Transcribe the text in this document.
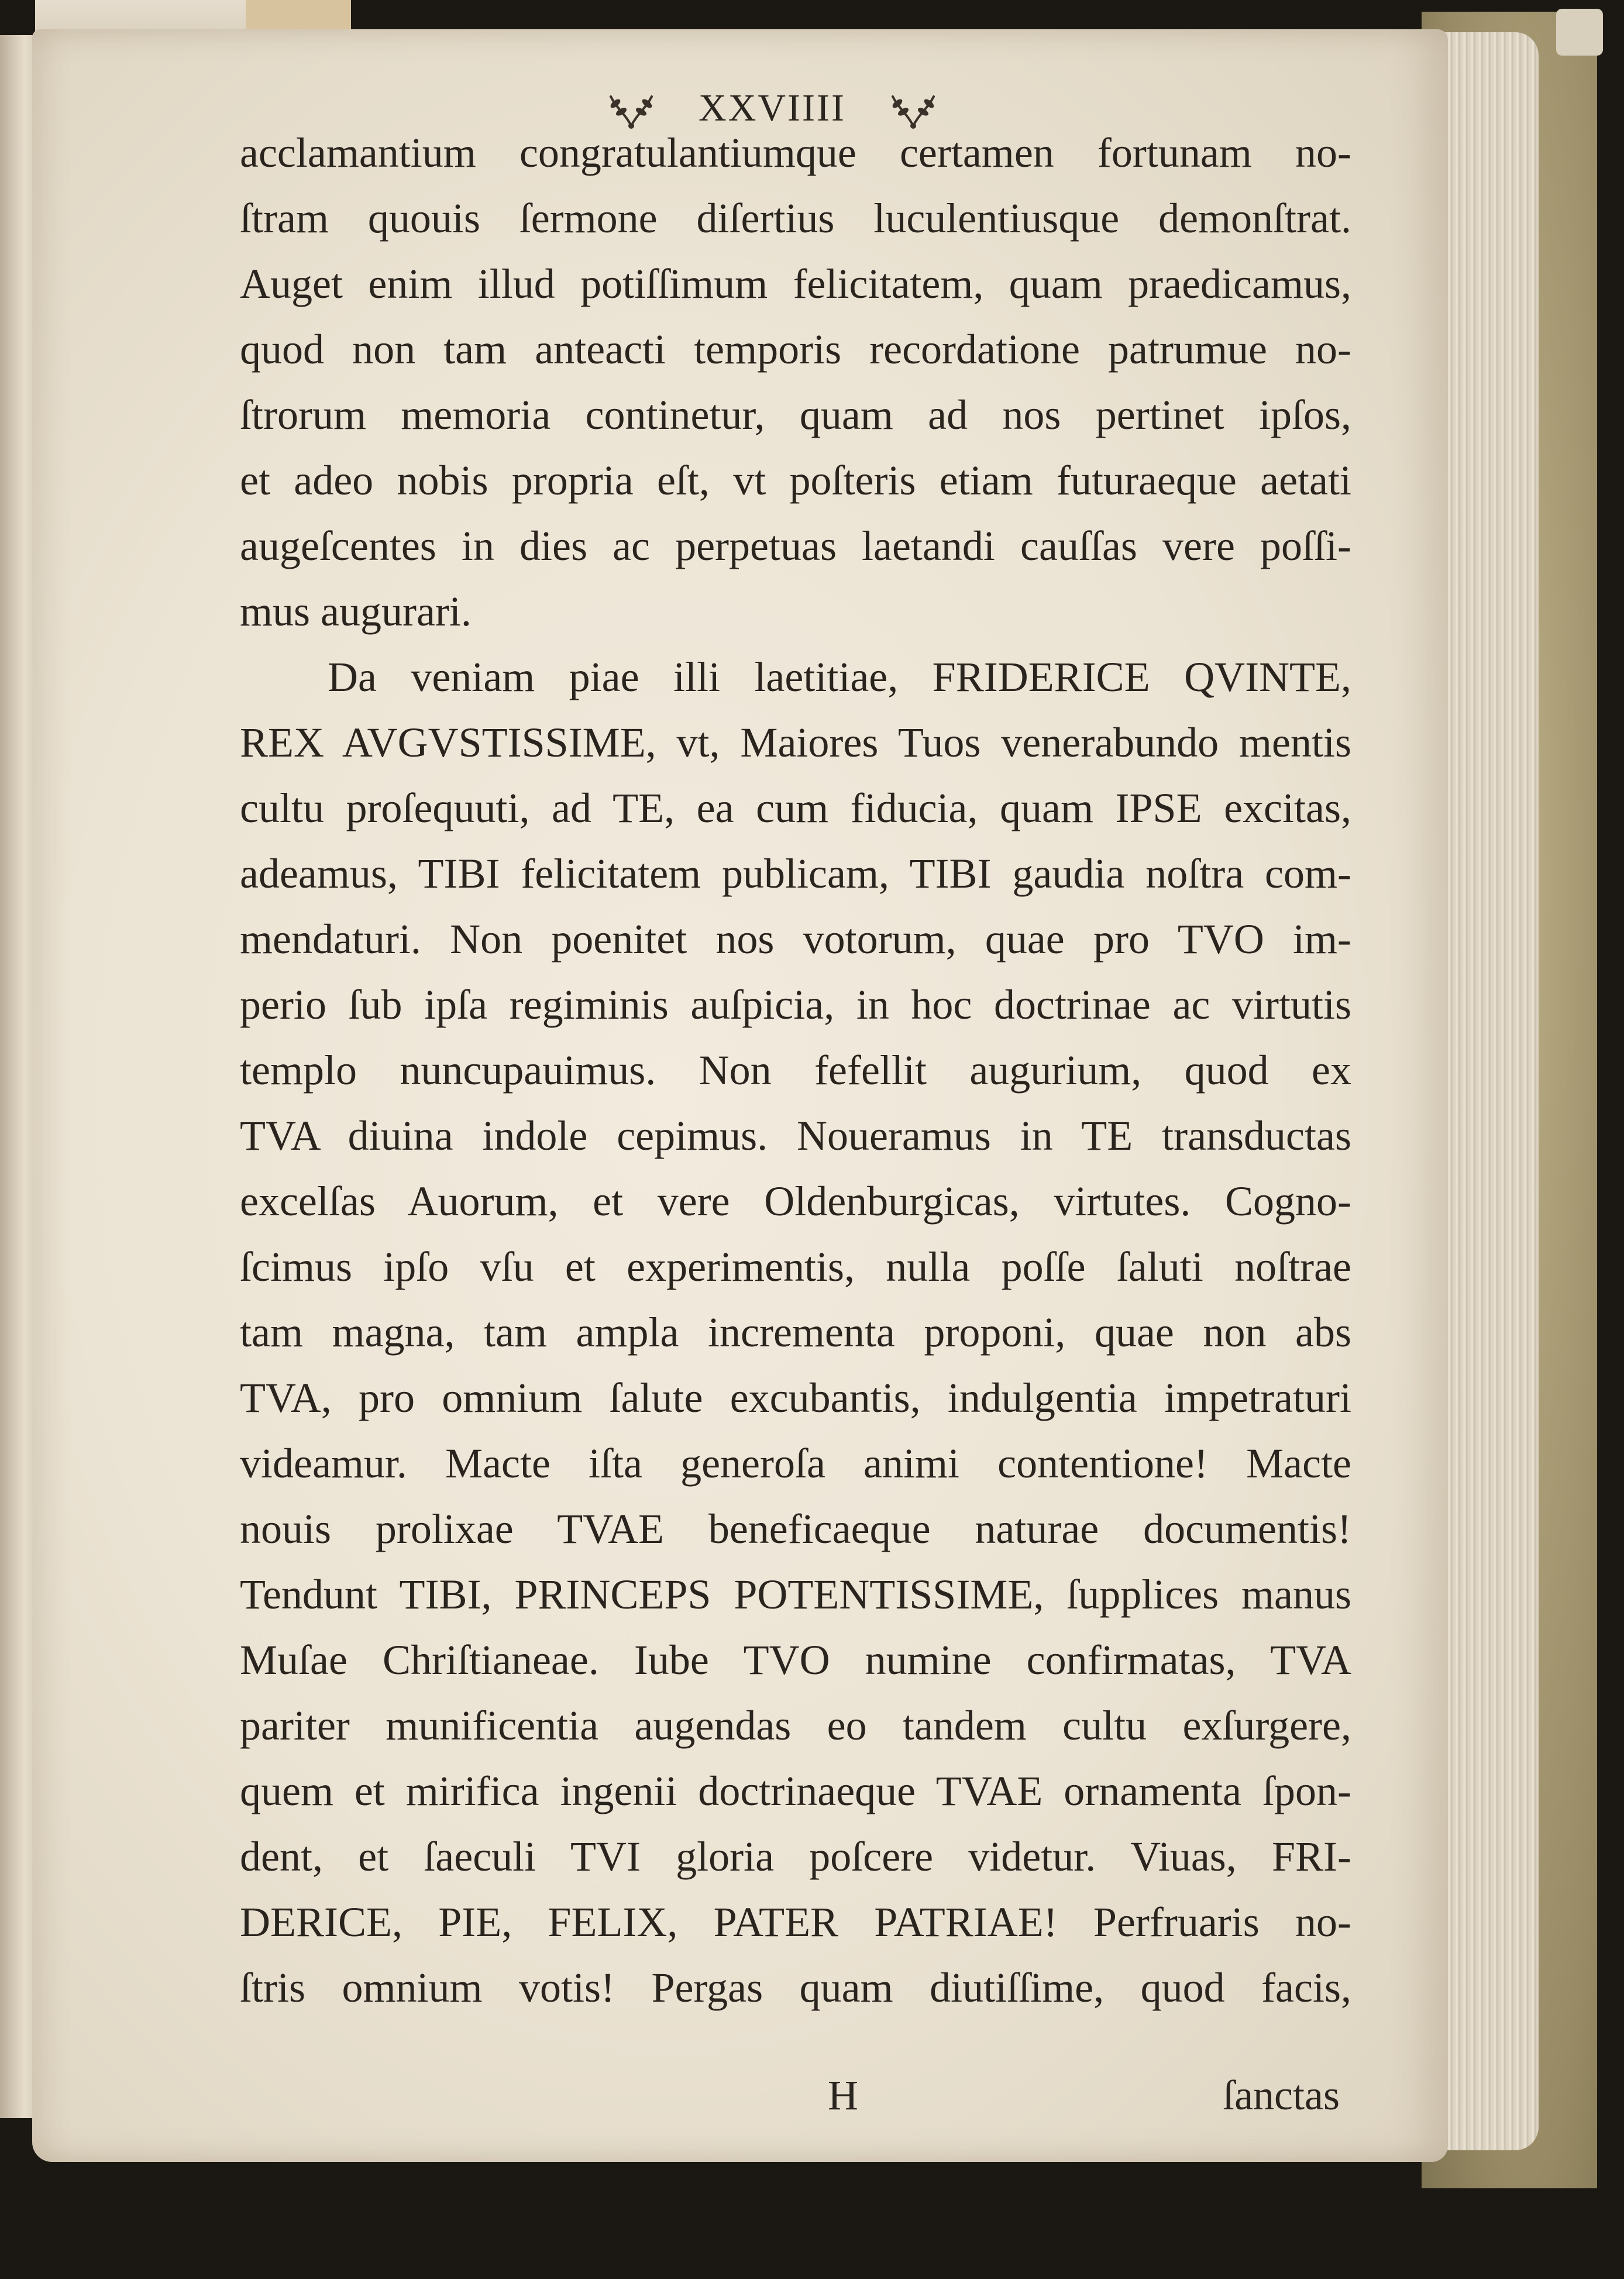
XXVIIII
acclamantium congratulantiumque certamen fortunam no-
ſtram quouis ſermone diſertius luculentiusque demonſtrat.
Auget enim illud potiſſimum felicitatem, quam praedicamus,
quod non tam anteacti temporis recordatione patrumue no-
ſtrorum memoria continetur, quam ad nos pertinet ipſos,
et adeo nobis propria eſt, vt poſteris etiam futuraeque aetati
augeſcentes in dies ac perpetuas laetandi cauſſas vere poſſi-
mus augurari.
Da veniam piae illi laetitiae, FRIDERICE QVINTE,
REX AVGVSTISSIME, vt, Maiores Tuos venerabundo mentis
cultu proſequuti, ad TE, ea cum fiducia, quam IPSE excitas,
adeamus, TIBI felicitatem publicam, TIBI gaudia noſtra com-
mendaturi. Non poenitet nos votorum, quae pro TVO im-
perio ſub ipſa regiminis auſpicia, in hoc doctrinae ac virtutis
templo nuncupauimus. Non fefellit augurium, quod ex
TVA diuina indole cepimus. Noueramus in TE transductas
excelſas Auorum, et vere Oldenburgicas, virtutes. Cogno-
ſcimus ipſo vſu et experimentis, nulla poſſe ſaluti noſtrae
tam magna, tam ampla incrementa proponi, quae non abs
TVA, pro omnium ſalute excubantis, indulgentia impetraturi
videamur. Macte iſta generoſa animi contentione! Macte
nouis prolixae TVAE beneficaeque naturae documentis!
Tendunt TIBI, PRINCEPS POTENTISSIME, ſupplices manus
Muſae Chriſtianeae. Iube TVO numine confirmatas, TVA
pariter munificentia augendas eo tandem cultu exſurgere,
quem et mirifica ingenii doctrinaeque TVAE ornamenta ſpon-
dent, et ſaeculi TVI gloria poſcere videtur. Viuas, FRI-
DERICE, PIE, FELIX, PATER PATRIAE! Perfruaris no-
ſtris omnium votis! Pergas quam diutiſſime, quod facis,
H	ſanctas
